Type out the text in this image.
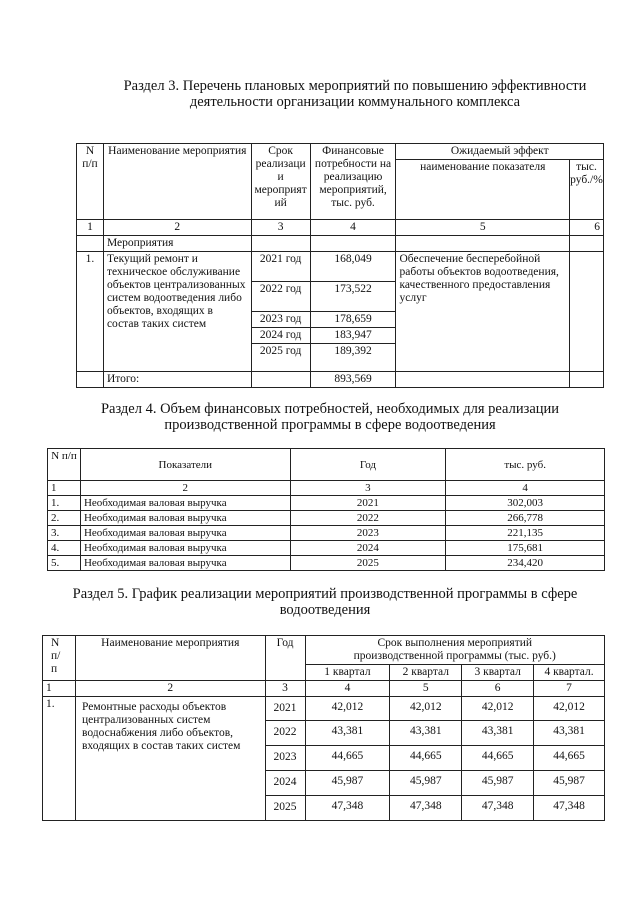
Раздел 3. Перечень плановых мероприятий по повышению эффективности
деятельности организации коммунального комплекса
N п/п	Наименование мероприятия	Срок реализаци и мероприят ий	Финансовые потребности на реализацию мероприятий, тыс. руб.	Ожидаемый эффект	
				наименование показателя	тыс. руб./%
1	2	3	4	5	6
	Мероприятия				
1.	Текущий ремонт и техническое обслуживание объектов централизованных систем водоотведения либо объектов, входящих в состав таких систем	2021 год	168,049	Обеспечение бесперебойной работы объектов водоотведения, качественного предоставления услуг	
		2022 год	173,522		
		2023 год	178,659		
		2024 год	183,947		
		2025 год	189,392		
	Итого:		893,569		
Раздел 4. Объем финансовых потребностей, необходимых для реализации
производственной программы в сфере водоотведения
N п/п	Показатели	Год	тыс. руб.
1	2	3	4
1.	Необходимая валовая выручка	2021	302,003
2.	Необходимая валовая выручка	2022	266,778
3.	Необходимая валовая выручка	2023	221,135
4.	Необходимая валовая выручка	2024	175,681
5.	Необходимая валовая выручка	2025	234,420
Раздел 5. График реализации мероприятий производственной программы в сфере
водоотведения
N п/ п	Наименование мероприятия	Год	Срок выполнения мероприятий производственной программы (тыс. руб.)			
			1 квартал	2 квартал	3 квартал	4 квартал.
1	2	3	4	5	6	7
1.	Ремонтные расходы объектов централизованных систем водоснабжения либо объектов, входящих в состав таких систем	2021	42,012	42,012	42,012	42,012
		2022	43,381	43,381	43,381	43,381
		2023	44,665	44,665	44,665	44,665
		2024	45,987	45,987	45,987	45,987
		2025	47,348	47,348	47,348	47,348
